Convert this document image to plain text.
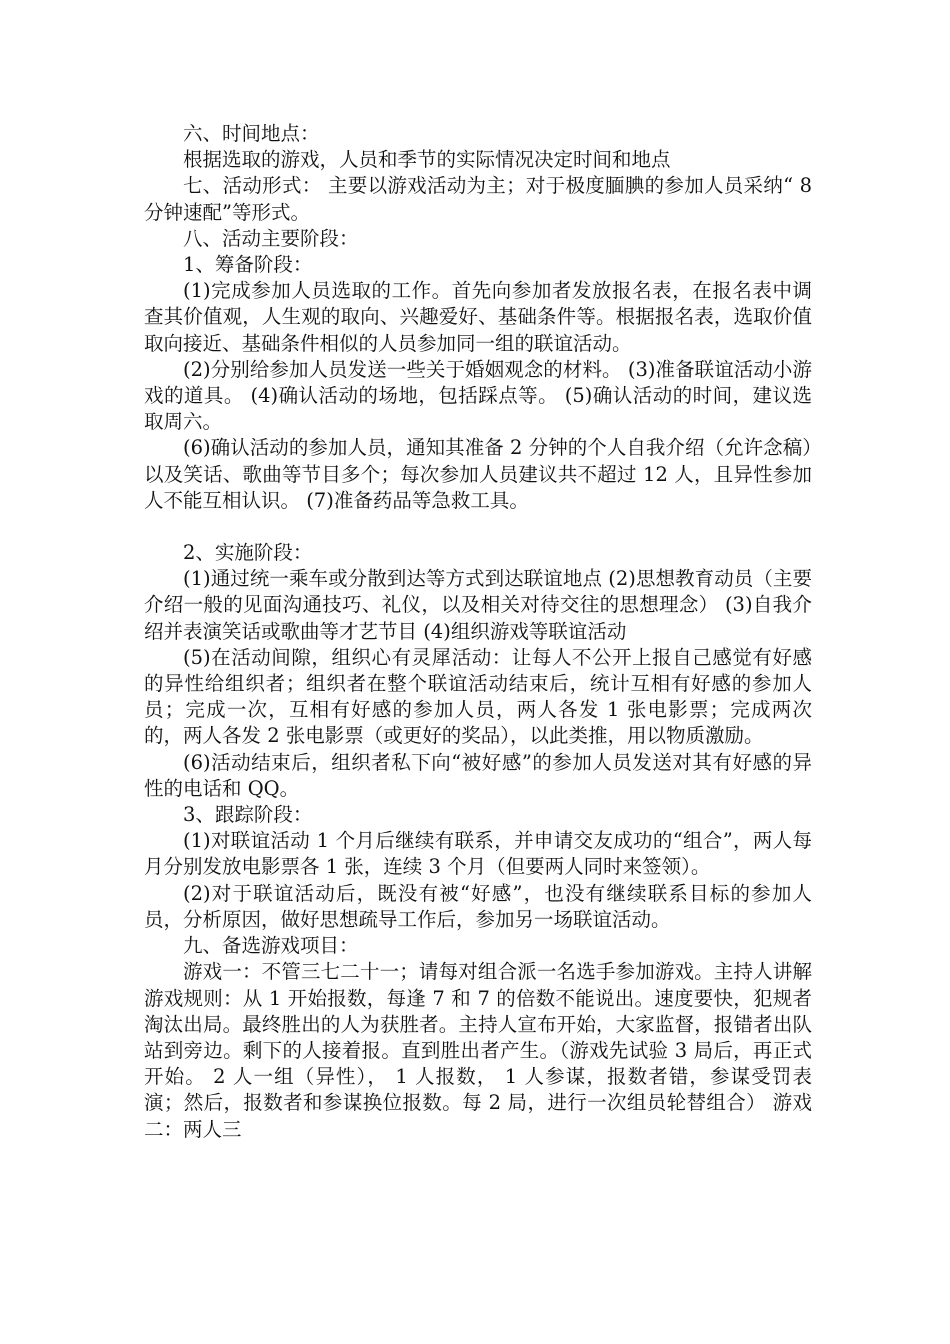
六、时间地点：

根据选取的游戏，人员和季节的实际情况决定时间和地点

七、活动形式： 主要以游戏活动为主；对于极度腼腆的参加人员采纳“ 8 分钟速配”等形式。

八、活动主要阶段：

1、筹备阶段：

(1)完成参加人员选取的工作。首先向参加者发放报名表，在报名表中调查其价值观，人生观的取向、兴趣爱好、基础条件等。根据报名表，选取价值取向接近、基础条件相似的人员参加同一组的联谊活动。

(2)分别给参加人员发送一些关于婚姻观念的材料。 (3)准备联谊活动小游戏的道具。 (4)确认活动的场地，包括踩点等。 (5)确认活动的时间，建议选取周六。

(6)确认活动的参加人员，通知其准备 2 分钟的个人自我介绍（允许念稿）以及笑话、歌曲等节目多个；每次参加人员建议共不超过 12 人，且异性参加人不能互相认识。 (7)准备药品等急救工具。

2、实施阶段：

(1)通过统一乘车或分散到达等方式到达联谊地点 (2)思想教育动员（主要介绍一般的见面沟通技巧、礼仪，以及相关对待交往的思想理念） (3)自我介绍并表演笑话或歌曲等才艺节目 (4)组织游戏等联谊活动

(5)在活动间隙，组织心有灵犀活动：让每人不公开上报自己感觉有好感的异性给组织者；组织者在整个联谊活动结束后，统计互相有好感的参加人员；完成一次，互相有好感的参加人员，两人各发 1 张电影票；完成两次的，两人各发 2 张电影票（或更好的奖品），以此类推，用以物质激励。

(6)活动结束后，组织者私下向“被好感”的参加人员发送对其有好感的异性的电话和 QQ。

3、跟踪阶段：

(1)对联谊活动 1 个月后继续有联系，并申请交友成功的“组合”，两人每月分别发放电影票各 1 张，连续 3 个月（但要两人同时来签领）。

(2)对于联谊活动后，既没有被“好感”，也没有继续联系目标的参加人员，分析原因，做好思想疏导工作后，参加另一场联谊活动。

九、备选游戏项目：

游戏一：不管三七二十一；请每对组合派一名选手参加游戏。主持人讲解游戏规则：从 1 开始报数，每逢 7 和 7 的倍数不能说出。速度要快，犯规者淘汰出局。最终胜出的人为获胜者。主持人宣布开始，大家监督，报错者出队站到旁边。剩下的人接着报。直到胜出者产生。（游戏先试验 3 局后，再正式开始。 2 人一组（异性）， 1 人报数， 1 人参谋，报数者错，参谋受罚表演；然后，报数者和参谋换位报数。每 2 局，进行一次组员轮替组合） 游戏二：两人三
